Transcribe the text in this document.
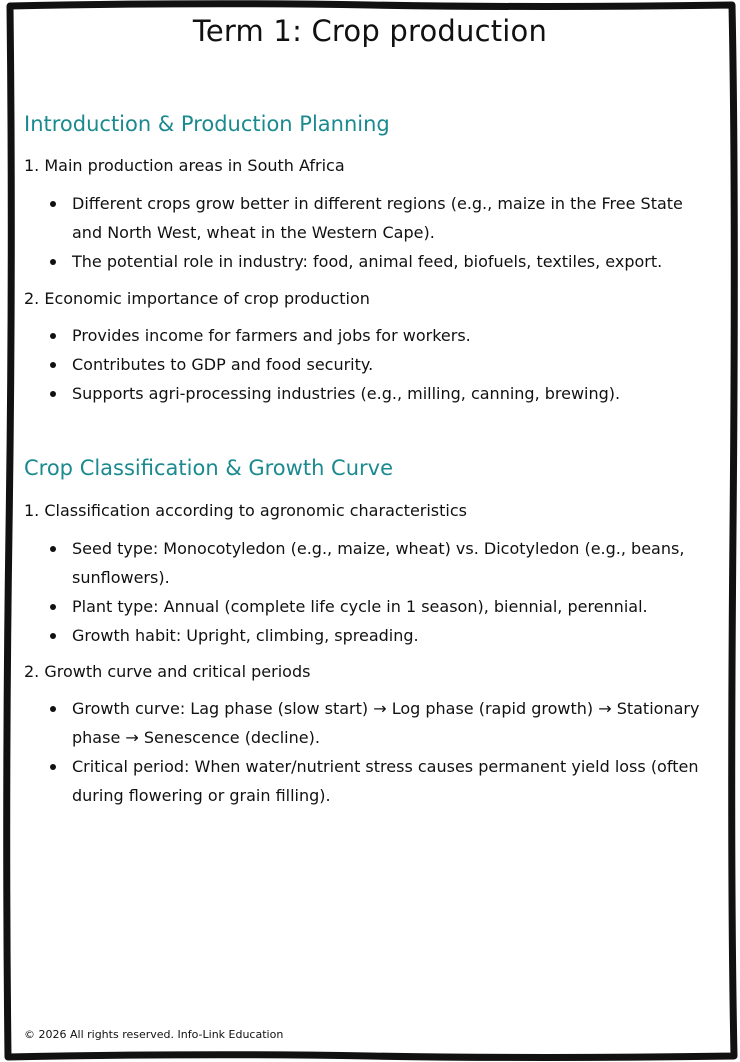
Term 1: Crop production
Introduction & Production Planning
1. Main production areas in South Africa
Different crops grow better in different regions (e.g., maize in the Free State and North West, wheat in the Western Cape).
The potential role in industry: food, animal feed, biofuels, textiles, export.
2. Economic importance of crop production
Provides income for farmers and jobs for workers.
Contributes to GDP and food security.
Supports agri-processing industries (e.g., milling, canning, brewing).
Crop Classification & Growth Curve
1. Classification according to agronomic characteristics
Seed type: Monocotyledon (e.g., maize, wheat) vs. Dicotyledon (e.g., beans, sunflowers).
Plant type: Annual (complete life cycle in 1 season), biennial, perennial.
Growth habit: Upright, climbing, spreading.
2. Growth curve and critical periods
Growth curve: Lag phase (slow start) → Log phase (rapid growth) → Stationary phase → Senescence (decline).
Critical period: When water/nutrient stress causes permanent yield loss (often during flowering or grain filling).

© 2026 All rights reserved. Info-Link Education
